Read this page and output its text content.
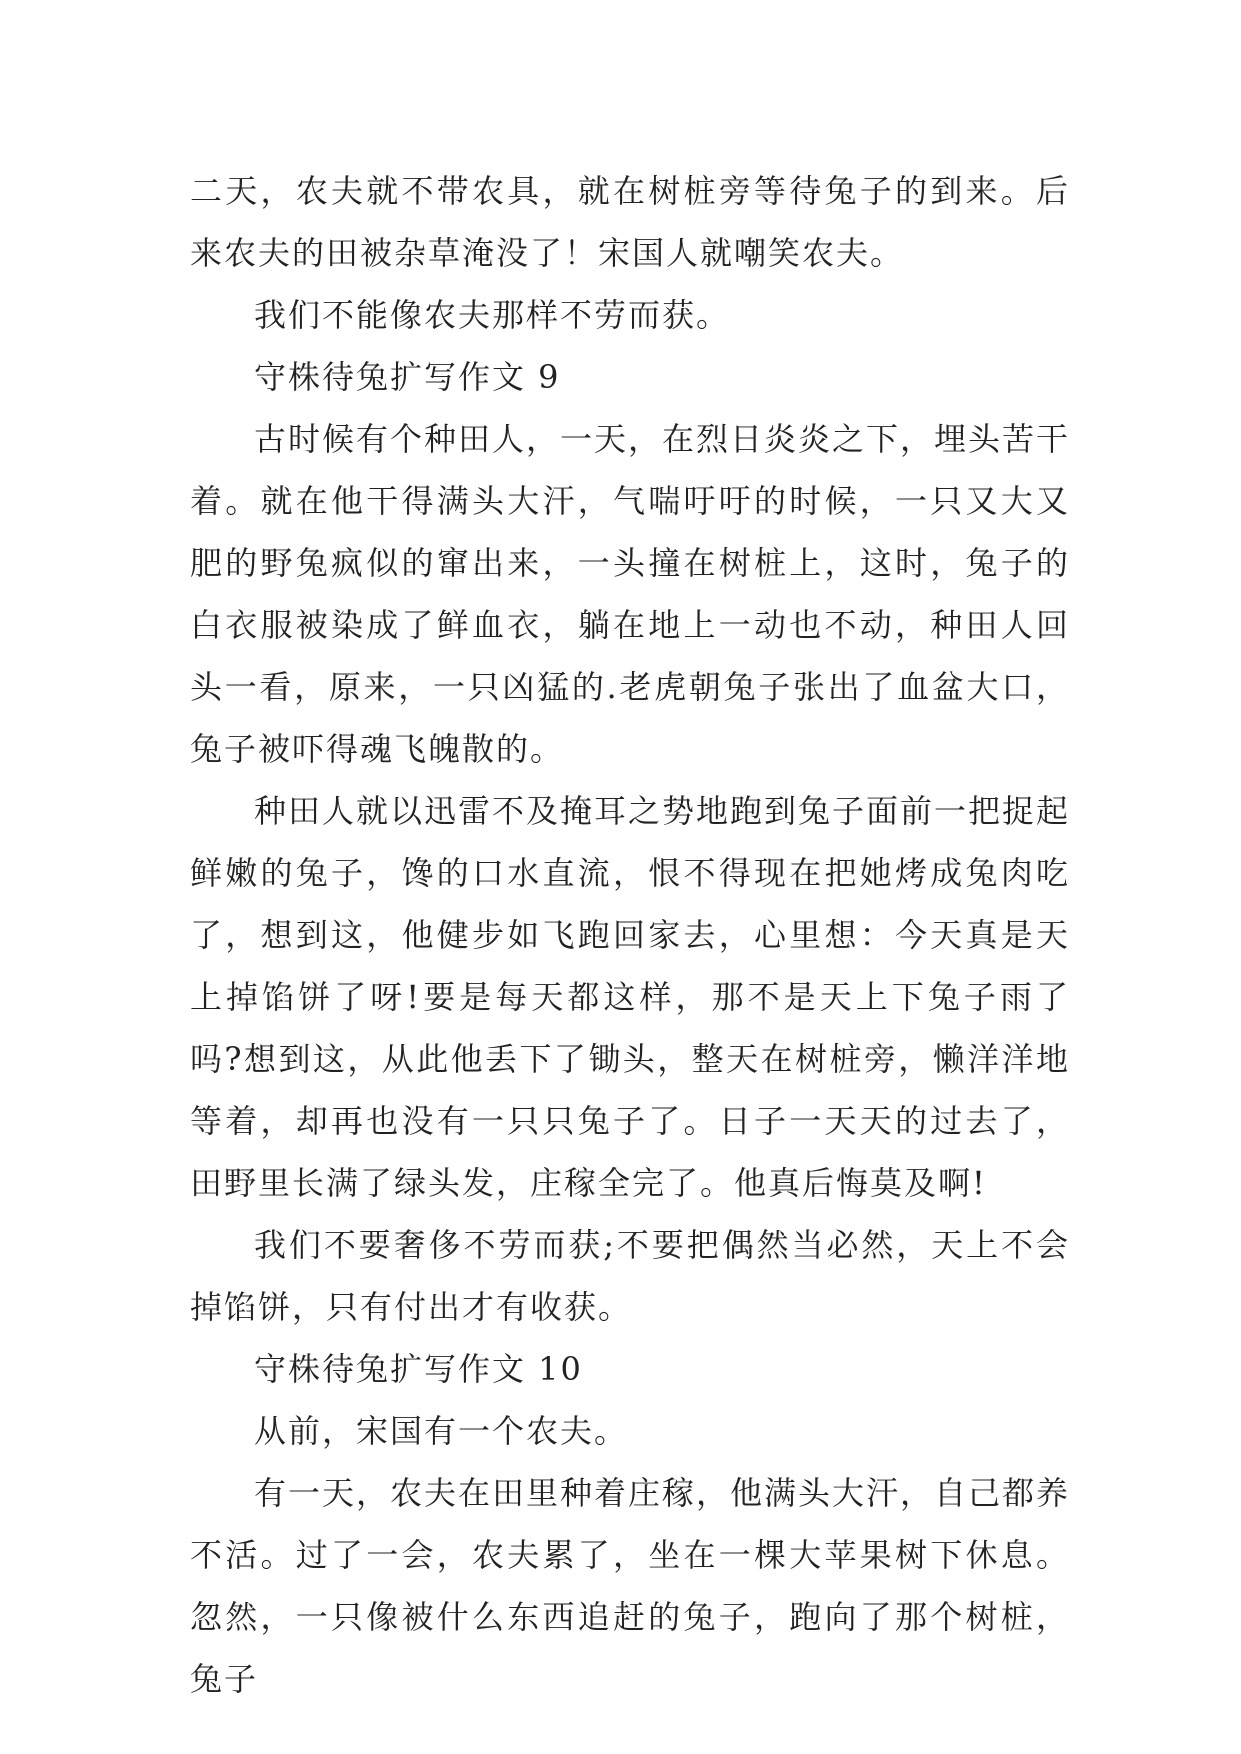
二天，农夫就不带农具，就在树桩旁等待兔子的到来。后来农夫的田被杂草淹没了！宋国人就嘲笑农夫。

我们不能像农夫那样不劳而获。

守株待兔扩写作文 9

古时候有个种田人，一天，在烈日炎炎之下，埋头苦干着。就在他干得满头大汗，气喘吁吁的时候，一只又大又肥的野兔疯似的窜出来，一头撞在树桩上，这时，兔子的白衣服被染成了鲜血衣，躺在地上一动也不动，种田人回头一看，原来，一只凶猛的.老虎朝兔子张出了血盆大口，兔子被吓得魂飞魄散的。

种田人就以迅雷不及掩耳之势地跑到兔子面前一把捉起鲜嫩的兔子，馋的口水直流，恨不得现在把她烤成兔肉吃了，想到这，他健步如飞跑回家去，心里想：今天真是天上掉馅饼了呀!要是每天都这样，那不是天上下兔子雨了吗?想到这，从此他丢下了锄头，整天在树桩旁，懒洋洋地等着，却再也没有一只只兔子了。日子一天天的过去了，田野里长满了绿头发，庄稼全完了。他真后悔莫及啊!

我们不要奢侈不劳而获;不要把偶然当必然，天上不会掉馅饼，只有付出才有收获。

守株待兔扩写作文 10

从前，宋国有一个农夫。

有一天，农夫在田里种着庄稼，他满头大汗，自己都养不活。过了一会，农夫累了，坐在一棵大苹果树下休息。忽然，一只像被什么东西追赶的兔子，跑向了那个树桩，兔子
